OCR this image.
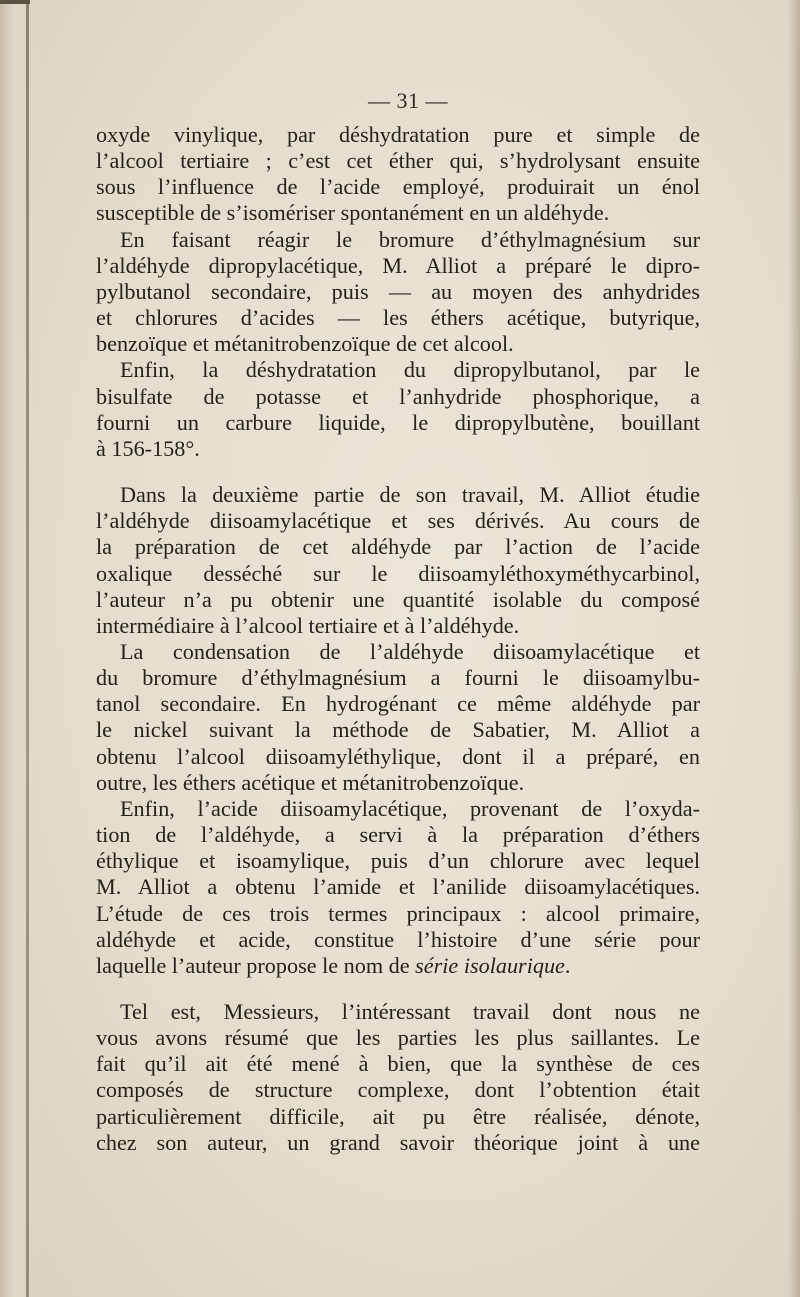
— 31 —
oxyde vinylique, par déshydratation pure et simple de
l’alcool tertiaire ; c’est cet éther qui, s’hydrolysant ensuite
sous l’influence de l’acide employé, produirait un énol
susceptible de s’isomériser spontanément en un aldéhyde.
En faisant réagir le bromure d’éthylmagnésium sur
l’aldéhyde dipropylacétique, M. Alliot a préparé le dipro-
pylbutanol secondaire, puis — au moyen des anhydrides
et chlorures d’acides — les éthers acétique, butyrique,
benzoïque et métanitrobenzoïque de cet alcool.
Enfin, la déshydratation du dipropylbutanol, par le
bisulfate de potasse et l’anhydride phosphorique, a
fourni un carbure liquide, le dipropylbutène, bouillant
à 156-158°.
Dans la deuxième partie de son travail, M. Alliot étudie
l’aldéhyde diisoamylacétique et ses dérivés. Au cours de
la préparation de cet aldéhyde par l’action de l’acide
oxalique desséché sur le diisoamyléthoxyméthycarbinol,
l’auteur n’a pu obtenir une quantité isolable du composé
intermédiaire à l’alcool tertiaire et à l’aldéhyde.
La condensation de l’aldéhyde diisoamylacétique et
du bromure d’éthylmagnésium a fourni le diisoamylbu-
tanol secondaire. En hydrogénant ce même aldéhyde par
le nickel suivant la méthode de Sabatier, M. Alliot a
obtenu l’alcool diisoamyléthylique, dont il a préparé, en
outre, les éthers acétique et métanitrobenzoïque.
Enfin, l’acide diisoamylacétique, provenant de l’oxyda-
tion de l’aldéhyde, a servi à la préparation d’éthers
éthylique et isoamylique, puis d’un chlorure avec lequel
M. Alliot a obtenu l’amide et l’anilide diisoamylacétiques.
L’étude de ces trois termes principaux : alcool primaire,
aldéhyde et acide, constitue l’histoire d’une série pour
laquelle l’auteur propose le nom de série isolaurique.
Tel est, Messieurs, l’intéressant travail dont nous ne
vous avons résumé que les parties les plus saillantes. Le
fait qu’il ait été mené à bien, que la synthèse de ces
composés de structure complexe, dont l’obtention était
particulièrement difficile, ait pu être réalisée, dénote,
chez son auteur, un grand savoir théorique joint à une
